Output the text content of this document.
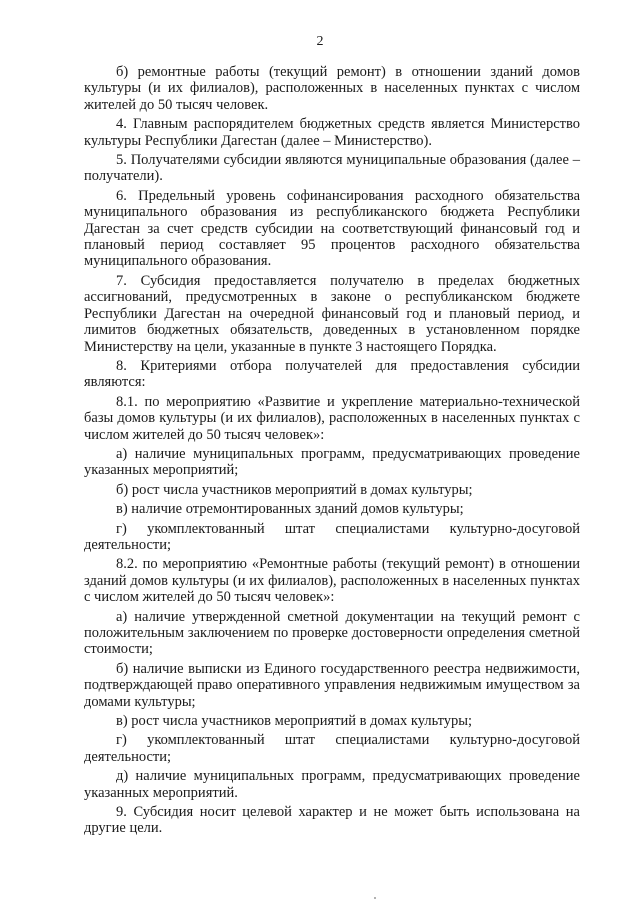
2

б) ремонтные работы (текущий ремонт) в отношении зданий домов культуры (и их филиалов), расположенных в населенных пунктах с числом жителей до 50 тысяч человек.

4. Главным распорядителем бюджетных средств является Министерство культуры Республики Дагестан (далее – Министерство).

5. Получателями субсидии являются муниципальные образования (далее – получатели).

6. Предельный уровень софинансирования расходного обязательства муниципального образования из республиканского бюджета Республики Дагестан за счет средств субсидии на соответствующий финансовый год и плановый период составляет 95 процентов расходного обязательства муниципального образования.

7. Субсидия предоставляется получателю в пределах бюджетных ассигнований, предусмотренных в законе о республиканском бюджете Республики Дагестан на очередной финансовый год и плановый период, и лимитов бюджетных обязательств, доведенных в установленном порядке Министерству на цели, указанные в пункте 3 настоящего Порядка.

8. Критериями отбора получателей для предоставления субсидии являются:

8.1. по мероприятию «Развитие и укрепление материально-технической базы домов культуры (и их филиалов), расположенных в населенных пунктах с числом жителей до 50 тысяч человек»:

а) наличие муниципальных программ, предусматривающих проведение указанных мероприятий;

б) рост числа участников мероприятий в домах культуры;

в) наличие отремонтированных зданий домов культуры;

г) укомплектованный штат специалистами культурно-досуговой деятельности;

8.2. по мероприятию «Ремонтные работы (текущий ремонт) в отношении зданий домов культуры (и их филиалов), расположенных в населенных пунктах с числом жителей до 50 тысяч человек»:

а) наличие утвержденной сметной документации на текущий ремонт с положительным заключением по проверке достоверности определения сметной стоимости;

б) наличие выписки из Единого государственного реестра недвижимости, подтверждающей право оперативного управления недвижимым имуществом за домами культуры;

в) рост числа участников мероприятий в домах культуры;

г) укомплектованный штат специалистами культурно-досуговой деятельности;

д) наличие муниципальных программ, предусматривающих проведение указанных мероприятий.

9. Субсидия носит целевой характер и не может быть использована на другие цели.
